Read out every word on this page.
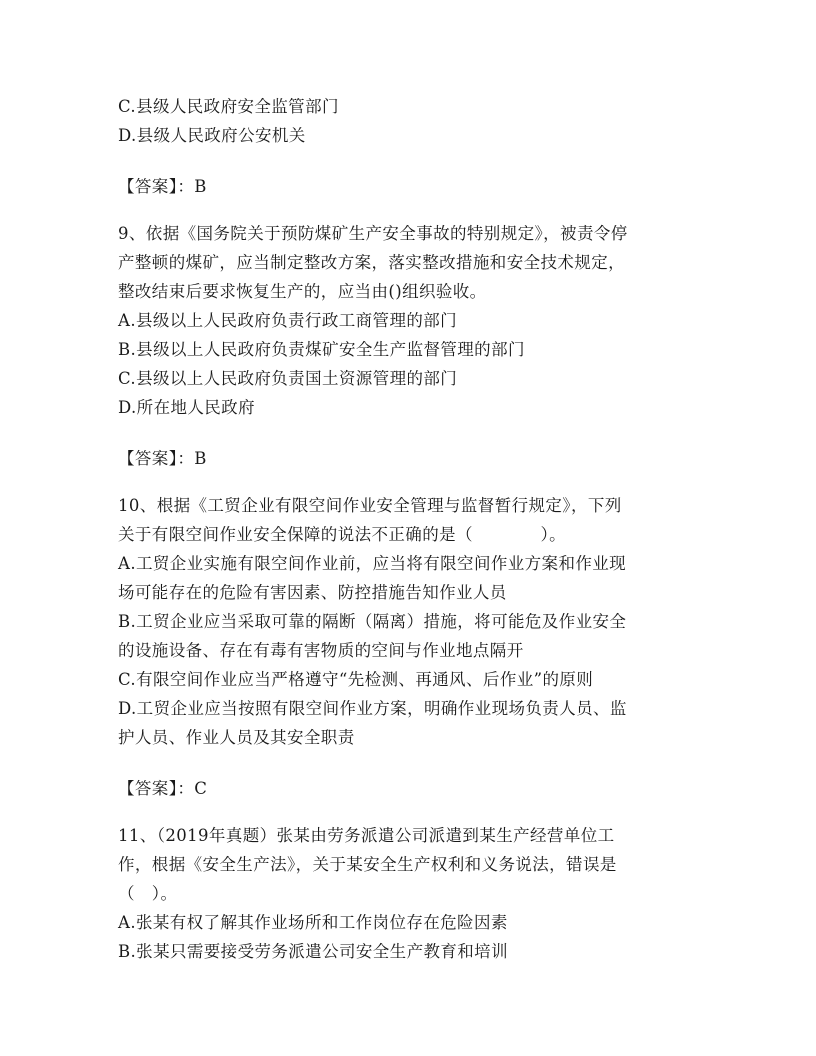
C.县级人民政府安全监管部门
D.县级人民政府公安机关
【答案】：B
9、依据《国务院关于预防煤矿生产安全事故的特别规定》，被责令停
产整顿的煤矿，应当制定整改方案，落实整改措施和安全技术规定，
整改结束后要求恢复生产的，应当由()组织验收。
A.县级以上人民政府负责行政工商管理的部门
B.县级以上人民政府负责煤矿安全生产监督管理的部门
C.县级以上人民政府负责国土资源管理的部门
D.所在地人民政府
【答案】：B
10、根据《工贸企业有限空间作业安全管理与监督暂行规定》，下列
关于有限空间作业安全保障的说法不正确的是（　　　　）。
A.工贸企业实施有限空间作业前，应当将有限空间作业方案和作业现
场可能存在的危险有害因素、防控措施告知作业人员
B.工贸企业应当采取可靠的隔断（隔离）措施，将可能危及作业安全
的设施设备、存在有毒有害物质的空间与作业地点隔开
C.有限空间作业应当严格遵守“先检测、再通风、后作业”的原则
D.工贸企业应当按照有限空间作业方案，明确作业现场负责人员、监
护人员、作业人员及其安全职责
【答案】：C
11、（2019年真题）张某由劳务派遣公司派遣到某生产经营单位工
作，根据《安全生产法》，关于某安全生产权利和义务说法，错误是
（　）。
A.张某有权了解其作业场所和工作岗位存在危险因素
B.张某只需要接受劳务派遣公司安全生产教育和培训
